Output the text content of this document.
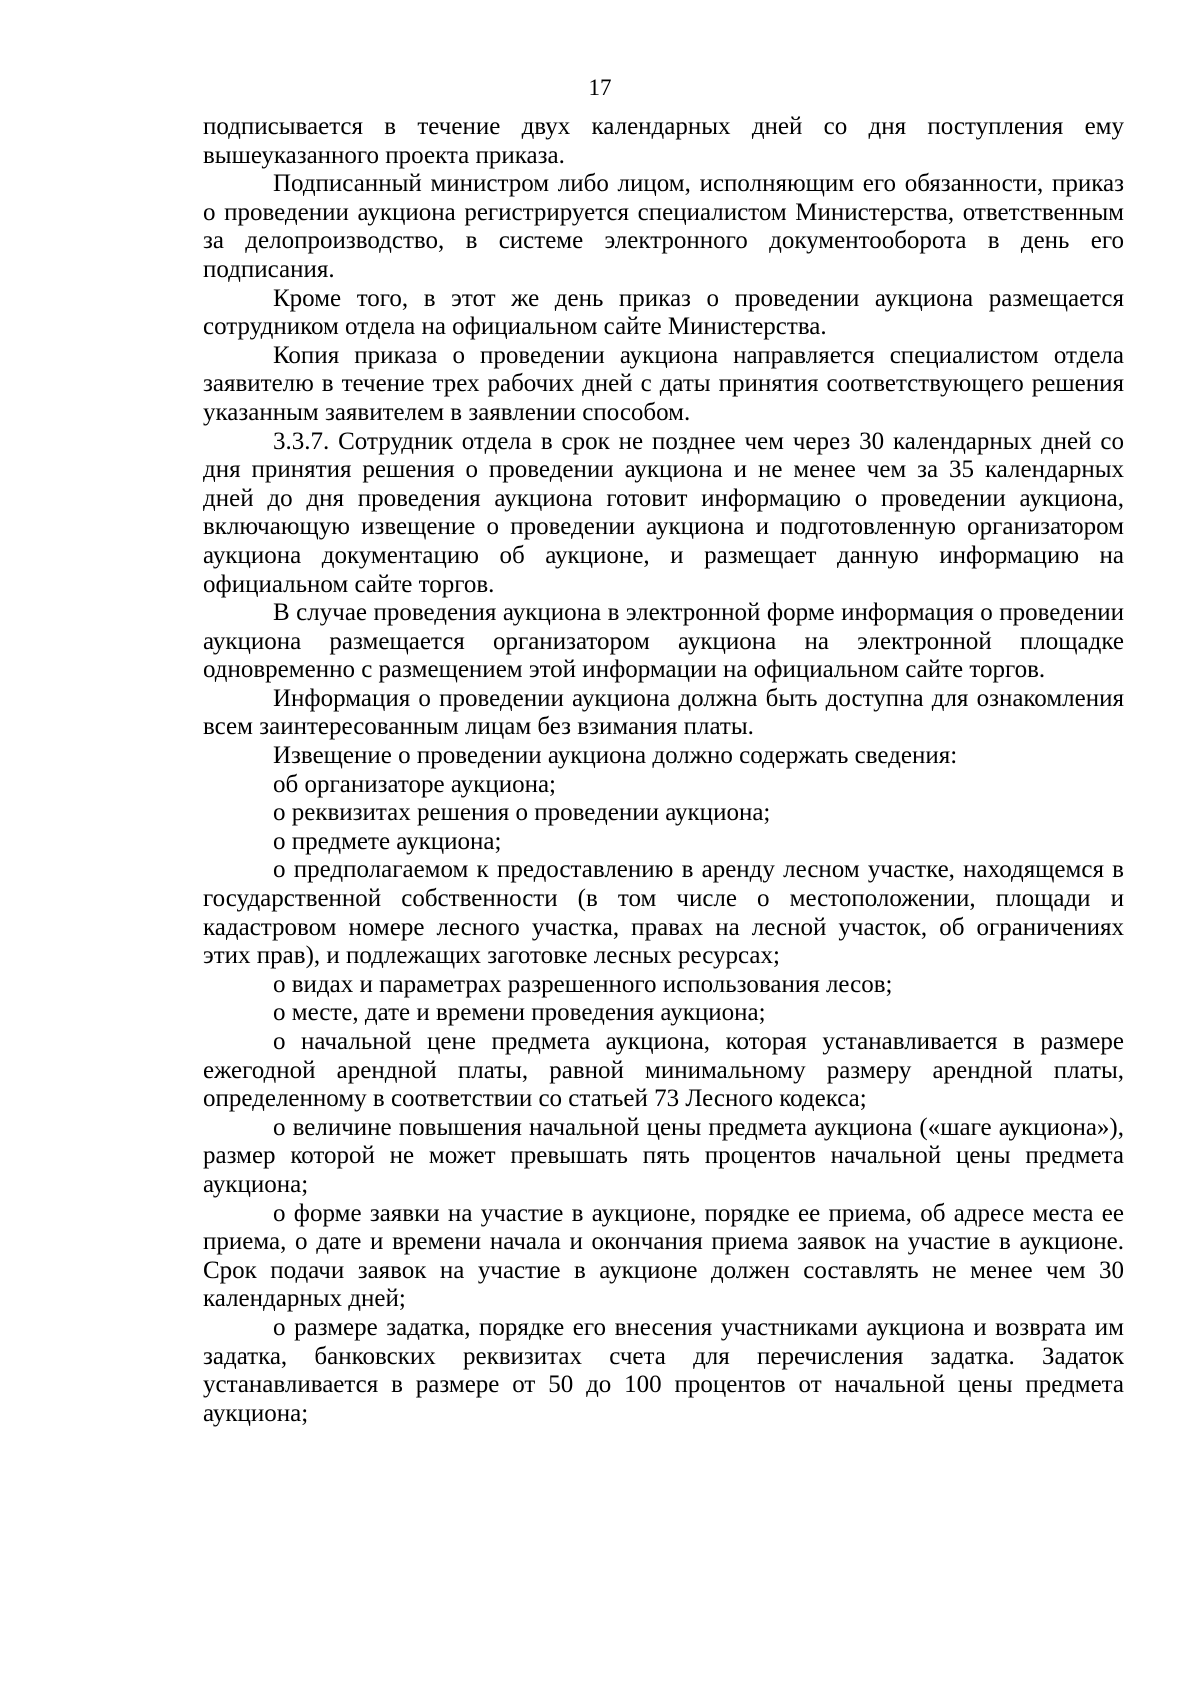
17

подписывается в течение двух календарных дней со дня поступления ему вышеуказанного проекта приказа.

Подписанный министром либо лицом, исполняющим его обязанности, приказ о проведении аукциона регистрируется специалистом Министерства, ответственным за делопроизводство, в системе электронного документооборота в день его подписания.

Кроме того, в этот же день приказ о проведении аукциона размещается сотрудником отдела на официальном сайте Министерства.

Копия приказа о проведении аукциона направляется специалистом отдела заявителю в течение трех рабочих дней с даты принятия соответствующего решения указанным заявителем в заявлении способом.

3.3.7. Сотрудник отдела в срок не позднее чем через 30 календарных дней со дня принятия решения о проведении аукциона и не менее чем за 35 календарных дней до дня проведения аукциона готовит информацию о проведении аукциона, включающую извещение о проведении аукциона и подготовленную организатором аукциона документацию об аукционе, и размещает данную информацию на официальном сайте торгов.

В случае проведения аукциона в электронной форме информация о проведении аукциона размещается организатором аукциона на электронной площадке одновременно с размещением этой информации на официальном сайте торгов.

Информация о проведении аукциона должна быть доступна для ознакомления всем заинтересованным лицам без взимания платы.

Извещение о проведении аукциона должно содержать сведения:

об организаторе аукциона;

о реквизитах решения о проведении аукциона;

о предмете аукциона;

о предполагаемом к предоставлению в аренду лесном участке, находящемся в государственной собственности (в том числе о местоположении, площади и кадастровом номере лесного участка, правах на лесной участок, об ограничениях этих прав), и подлежащих заготовке лесных ресурсах;

о видах и параметрах разрешенного использования лесов;

о месте, дате и времени проведения аукциона;

о начальной цене предмета аукциона, которая устанавливается в размере ежегодной арендной платы, равной минимальному размеру арендной платы, определенному в соответствии со статьей 73 Лесного кодекса;

о величине повышения начальной цены предмета аукциона («шаге аукциона»), размер которой не может превышать пять процентов начальной цены предмета аукциона;

о форме заявки на участие в аукционе, порядке ее приема, об адресе места ее приема, о дате и времени начала и окончания приема заявок на участие в аукционе. Срок подачи заявок на участие в аукционе должен составлять не менее чем 30 календарных дней;

о размере задатка, порядке его внесения участниками аукциона и возврата им задатка, банковских реквизитах счета для перечисления задатка. Задаток устанавливается в размере от 50 до 100 процентов от начальной цены предмета аукциона;
